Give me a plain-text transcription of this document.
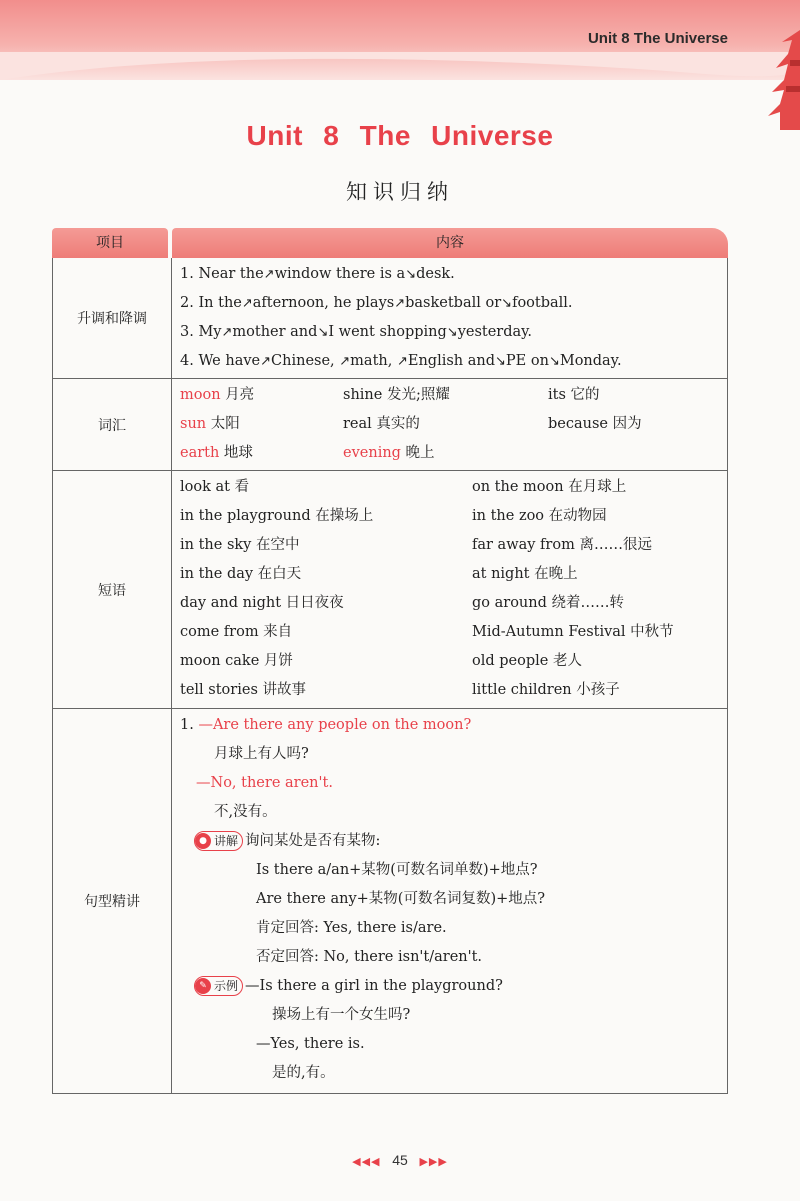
Unit 8 The Universe
Unit 8 The Universe
知识归纳
项目	内容
升调和降调
1. Near the↗window there is a↘desk.
2. In the↗afternoon, he plays↗basketball or↘football.
3. My↗mother and↘I went shopping↘yesterday.
4. We have↗Chinese, ↗math, ↗English and↘PE on↘Monday.
词汇
moon 月亮	shine 发光;照耀	its 它的
sun 太阳	real 真实的	because 因为
earth 地球	evening 晚上
短语
look at 看	on the moon 在月球上
in the playground 在操场上	in the zoo 在动物园
in the sky 在空中	far away from 离……很远
in the day 在白天	at night 在晚上
day and night 日日夜夜	go around 绕着……转
come from 来自	Mid-Autumn Festival 中秋节
moon cake 月饼	old people 老人
tell stories 讲故事	little children 小孩子
句型精讲
1. —Are there any people on the moon?
月球上有人吗?
—No, there aren't.
不,没有。
● 讲解 询问某处是否有某物:
Is there a/an+某物(可数名词单数)+地点?
Are there any+某物(可数名词复数)+地点?
肯定回答: Yes, there is/are.
否定回答: No, there isn't/aren't.
✎ 示例 —Is there a girl in the playground?
操场上有一个女生吗?
—Yes, there is.
是的,有。
◀◀◀ 45 ▶▶▶
